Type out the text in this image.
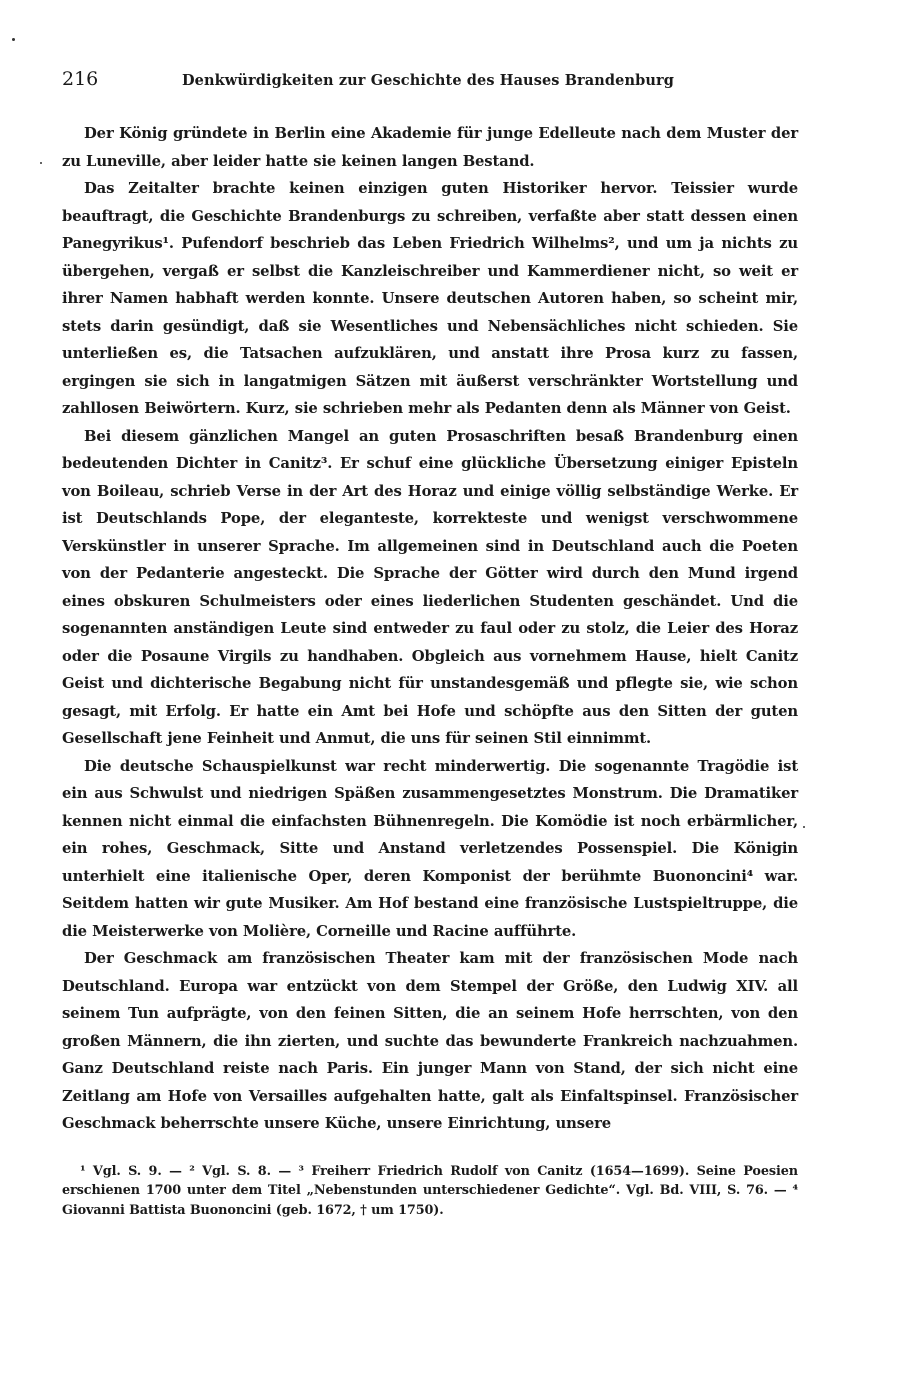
216	Denkwürdigkeiten zur Geschichte des Hauses Brandenburg

Der König gründete in Berlin eine Akademie für junge Edelleute nach dem Muster der zu Luneville, aber leider hatte sie keinen langen Bestand.

Das Zeitalter brachte keinen einzigen guten Historiker hervor. Teissier wurde beauftragt, die Geschichte Brandenburgs zu schreiben, verfaßte aber statt dessen einen Panegyrikus¹. Pufendorf beschrieb das Leben Friedrich Wilhelms², und um ja nichts zu übergehen, vergaß er selbst die Kanzleischreiber und Kammerdiener nicht, so weit er ihrer Namen habhaft werden konnte. Unsere deutschen Autoren haben, so scheint mir, stets darin gesündigt, daß sie Wesentliches und Nebensächliches nicht schieden. Sie unterließen es, die Tatsachen aufzuklären, und anstatt ihre Prosa kurz zu fassen, ergingen sie sich in langatmigen Sätzen mit äußerst verschränkter Wortstellung und zahllosen Beiwörtern. Kurz, sie schrieben mehr als Pedanten denn als Männer von Geist.

Bei diesem gänzlichen Mangel an guten Prosaschriften besaß Brandenburg einen bedeutenden Dichter in Canitz³. Er schuf eine glückliche Übersetzung einiger Episteln von Boileau, schrieb Verse in der Art des Horaz und einige völlig selbständige Werke. Er ist Deutschlands Pope, der eleganteste, korrekteste und wenigst verschwommene Verskünstler in unserer Sprache. Im allgemeinen sind in Deutschland auch die Poeten von der Pedanterie angesteckt. Die Sprache der Götter wird durch den Mund irgend eines obskuren Schulmeisters oder eines liederlichen Studenten geschändet. Und die sogenannten anständigen Leute sind entweder zu faul oder zu stolz, die Leier des Horaz oder die Posaune Virgils zu handhaben. Obgleich aus vornehmem Hause, hielt Canitz Geist und dichterische Begabung nicht für unstandesgemäß und pflegte sie, wie schon gesagt, mit Erfolg. Er hatte ein Amt bei Hofe und schöpfte aus den Sitten der guten Gesellschaft jene Feinheit und Anmut, die uns für seinen Stil einnimmt.

Die deutsche Schauspielkunst war recht minderwertig. Die sogenannte Tragödie ist ein aus Schwulst und niedrigen Späßen zusammengesetztes Monstrum. Die Dramatiker kennen nicht einmal die einfachsten Bühnenregeln. Die Komödie ist noch erbärmlicher, ein rohes, Geschmack, Sitte und Anstand verletzendes Possenspiel. Die Königin unterhielt eine italienische Oper, deren Komponist der berühmte Buononcini⁴ war. Seitdem hatten wir gute Musiker. Am Hof bestand eine französische Lustspieltruppe, die die Meisterwerke von Molière, Corneille und Racine aufführte.

Der Geschmack am französischen Theater kam mit der französischen Mode nach Deutschland. Europa war entzückt von dem Stempel der Größe, den Ludwig XIV. all seinem Tun aufprägte, von den feinen Sitten, die an seinem Hofe herrschten, von den großen Männern, die ihn zierten, und suchte das bewunderte Frankreich nachzuahmen. Ganz Deutschland reiste nach Paris. Ein junger Mann von Stand, der sich nicht eine Zeitlang am Hofe von Versailles aufgehalten hatte, galt als Einfaltspinsel. Französischer Geschmack beherrschte unsere Küche, unsere Einrichtung, unsere

¹ Vgl. S. 9. — ² Vgl. S. 8. — ³ Freiherr Friedrich Rudolf von Canitz (1654—1699). Seine Poesien erschienen 1700 unter dem Titel „Nebenstunden unterschiedener Gedichte“. Vgl. Bd. VIII, S. 76. — ⁴ Giovanni Battista Buononcini (geb. 1672, † um 1750).
